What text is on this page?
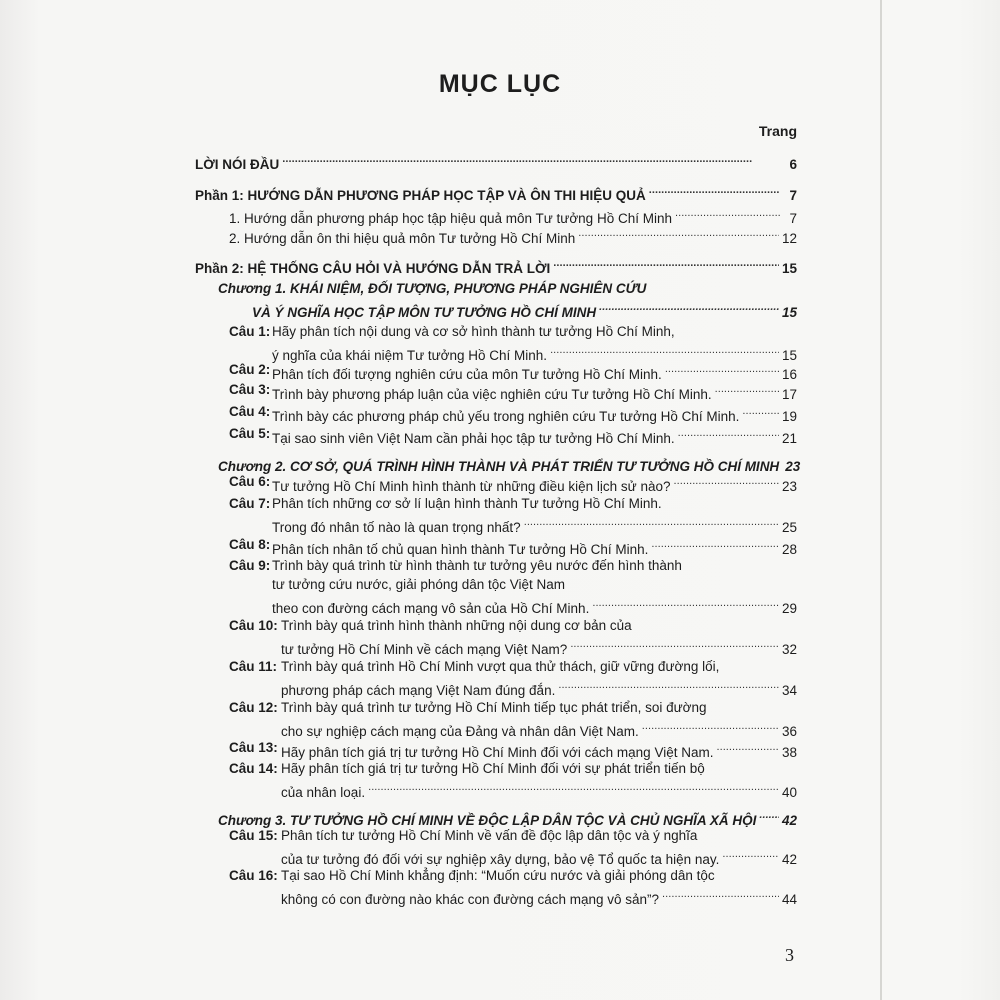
MỤC LỤC
Trang
LỜI NÓI ĐẦU . . .	6
Phần 1: HƯỚNG DẪN PHƯƠNG PHÁP HỌC TẬP VÀ ÔN THI HIỆU QUẢ . . .	7
1. Hướng dẫn phương pháp học tập hiệu quả môn Tư tưởng Hồ Chí Minh . . .	7
2. Hướng dẫn ôn thi hiệu quả môn Tư tưởng Hồ Chí Minh . . .	12
Phần 2: HỆ THỐNG CÂU HỎI VÀ HƯỚNG DẪN TRẢ LỜI . . .	15
Chương 1. KHÁI NIỆM, ĐỐI TƯỢNG, PHƯƠNG PHÁP NGHIÊN CỨU
VÀ Ý NGHĨA HỌC TẬP MÔN TƯ TƯỞNG HỒ CHÍ MINH . . .	15
Câu 1: Hãy phân tích nội dung và cơ sở hình thành tư tưởng Hồ Chí Minh,
ý nghĩa của khái niệm Tư tưởng Hồ Chí Minh. . . .	15
Câu 2: Phân tích đối tượng nghiên cứu của môn Tư tưởng Hồ Chí Minh. . . .	16
Câu 3: Trình bày phương pháp luận của việc nghiên cứu Tư tưởng Hồ Chí Minh. . . .	17
Câu 4: Trình bày các phương pháp chủ yếu trong nghiên cứu Tư tưởng Hồ Chí Minh. . . .	19
Câu 5: Tại sao sinh viên Việt Nam cần phải học tập tư tưởng Hồ Chí Minh. . . .	21
Chương 2. CƠ SỞ, QUÁ TRÌNH HÌNH THÀNH VÀ PHÁT TRIỂN TƯ TƯỞNG HỒ CHÍ MINH 23
Câu 6: Tư tưởng Hồ Chí Minh hình thành từ những điều kiện lịch sử nào? . . .	23
Câu 7: Phân tích những cơ sở lí luận hình thành Tư tưởng Hồ Chí Minh.
Trong đó nhân tố nào là quan trọng nhất? . . .	25
Câu 8: Phân tích nhân tố chủ quan hình thành Tư tưởng Hồ Chí Minh. . . .	28
Câu 9: Trình bày quá trình từ hình thành tư tưởng yêu nước đến hình thành
tư tưởng cứu nước, giải phóng dân tộc Việt Nam
theo con đường cách mạng vô sản của Hồ Chí Minh. . . .	29
Câu 10: Trình bày quá trình hình thành những nội dung cơ bản của
tư tưởng Hồ Chí Minh về cách mạng Việt Nam? . . .	32
Câu 11: Trình bày quá trình Hồ Chí Minh vượt qua thử thách, giữ vững đường lối,
phương pháp cách mạng Việt Nam đúng đắn. . . .	34
Câu 12: Trình bày quá trình tư tưởng Hồ Chí Minh tiếp tục phát triển, soi đường
cho sự nghiệp cách mạng của Đảng và nhân dân Việt Nam. . . .	36
Câu 13: Hãy phân tích giá trị tư tưởng Hồ Chí Minh đối với cách mạng Việt Nam. . . .	38
Câu 14: Hãy phân tích giá trị tư tưởng Hồ Chí Minh đối với sự phát triển tiến bộ
của nhân loại. . . .	40
Chương 3. TƯ TƯỞNG HỒ CHÍ MINH VỀ ĐỘC LẬP DÂN TỘC VÀ CHỦ NGHĨA XÃ HỘI . . . 42
Câu 15: Phân tích tư tưởng Hồ Chí Minh về vấn đề độc lập dân tộc và ý nghĩa
của tư tưởng đó đối với sự nghiệp xây dựng, bảo vệ Tổ quốc ta hiện nay. . . .	42
Câu 16: Tại sao Hồ Chí Minh khẳng định: “Muốn cứu nước và giải phóng dân tộc
không có con đường nào khác con đường cách mạng vô sản”? . . .	44
3
